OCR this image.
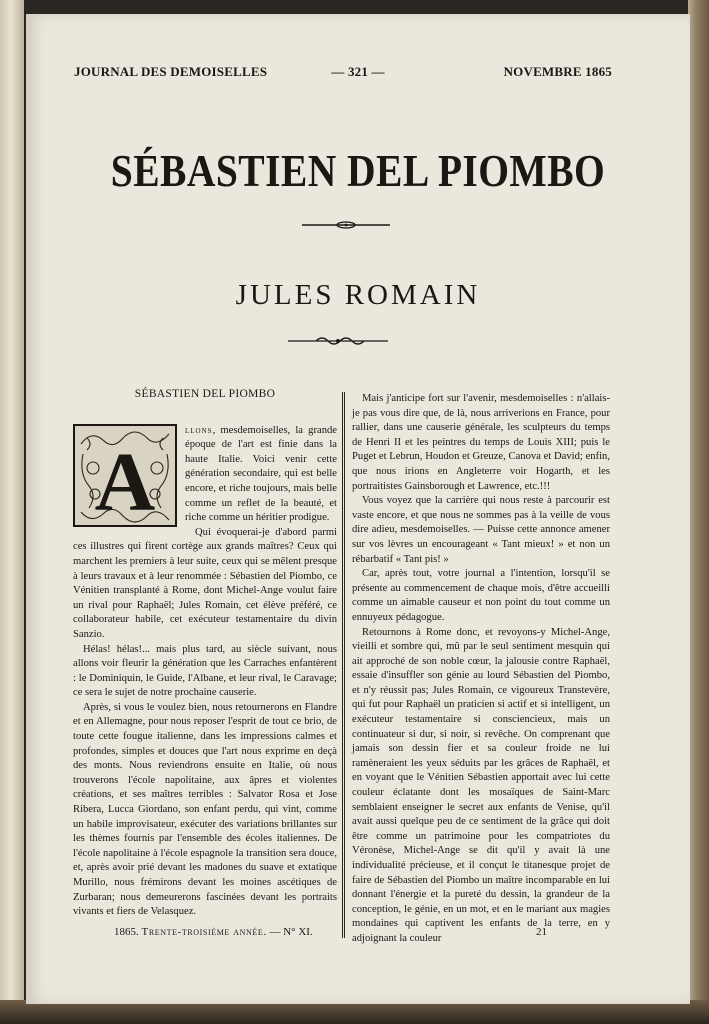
JOURNAL DES DEMOISELLES	— 321 —	NOVEMBRE 1865
SÉBASTIEN DEL PIOMBO
JULES ROMAIN
SÉBASTIEN DEL PIOMBO
A

llons, mesdemoiselles, la grande époque de l'art est finie dans la haute Italie. Voici venir cette génération secondaire, qui est belle encore, et riche toujours, mais belle comme un reflet de la beauté, et riche comme un héritier prodigue.

Qui évoquerai-je d'abord parmi ces illustres qui firent cortège aux grands maîtres? Ceux qui marchent les premiers à leur suite, ceux qui se mêlent presque à leurs travaux et à leur renommée : Sébastien del Piombo, ce Vénitien transplanté à Rome, dont Michel-Ange voulut faire un rival pour Raphaël; Jules Romain, cet élève préféré, ce collaborateur habile, cet exécuteur testamentaire du divin Sanzio.

Hélas! hélas!... mais plus tard, au siècle suivant, nous allons voir fleurir la génération que les Carraches enfantèrent : le Dominiquin, le Guide, l'Albane, et leur rival, le Caravage; ce sera le sujet de notre prochaine causerie.

Après, si vous le voulez bien, nous retournerons en Flandre et en Allemagne, pour nous reposer l'esprit de tout ce brio, de toute cette fougue italienne, dans les impressions calmes et profondes, simples et douces que l'art nous exprime en deçà des monts. Nous reviendrons ensuite en Italie, où nous trouverons l'école napolitaine, aux âpres et violentes créations, et ses maîtres terribles : Salvator Rosa et Jose Ribera, Lucca Giordano, son enfant perdu, qui vint, comme un habile improvisateur, exécuter des variations brillantes sur les thèmes fournis par l'ensemble des écoles italiennes. De l'école napolitaine à l'école espagnole la transition sera douce, et, après avoir prié devant les madones du suave et extatique Murillo, nous frémirons devant les moines ascétiques de Zurbaran; nous demeurerons fascinées devant les portraits vivants et fiers de Velasquez.

Mais j'anticipe fort sur l'avenir, mesdemoiselles : n'allais-je pas vous dire que, de là, nous arriverions en France, pour rallier, dans une causerie générale, les sculpteurs du temps de Henri II et les peintres du temps de Louis XIII; puis le Puget et Lebrun, Houdon et Greuze, Canova et David; enfin, que nous irions en Angleterre voir Hogarth, et les portraitistes Gainsborough et Lawrence, etc.!!!

Vous voyez que la carrière qui nous reste à parcourir est vaste encore, et que nous ne sommes pas à la veille de vous dire adieu, mesdemoiselles. — Puisse cette annonce amener sur vos lèvres un encourageant « Tant mieux! » et non un rébarbatif « Tant pis! »

Car, après tout, votre journal a l'intention, lorsqu'il se présente au commencement de chaque mois, d'être accueilli comme un aimable causeur et non point du tout comme un ennuyeux pédagogue.

Retournons à Rome donc, et revoyons-y Michel-Ange, vieilli et sombre qui, mû par le seul sentiment mesquin qui ait approché de son noble cœur, la jalousie contre Raphaël, essaie d'insuffler son génie au lourd Sébastien del Piombo, et n'y réussit pas; Jules Romain, ce vigoureux Transtevère, qui fut pour Raphaël un praticien si actif et si intelligent, un exécuteur testamentaire si consciencieux, mais un continuateur si dur, si noir, si revêche. On comprenant que jamais son dessin fier et sa couleur froide ne lui ramèneraient les yeux séduits par les grâces de Raphaël, et en voyant que le Vénitien Sébastien apportait avec lui cette couleur éclatante dont les mosaïques de Saint-Marc semblaient enseigner le secret aux enfants de Venise, qu'il avait aussi quelque peu de ce sentiment de la grâce qui doit être comme un patrimoine pour les compatriotes du Véronèse, Michel-Ange se dit qu'il y avait là une individualité précieuse, et il conçut le titanesque projet de faire de Sébastien del Piombo un maître incomparable en lui donnant l'énergie et la pureté du dessin, la grandeur de la conception, le génie, en un mot, et en le mariant aux magies mondaines qui captivent les enfants de la terre, en y adjoignant la couleur

1865. Trente-troisième année. — N° XI.	21
